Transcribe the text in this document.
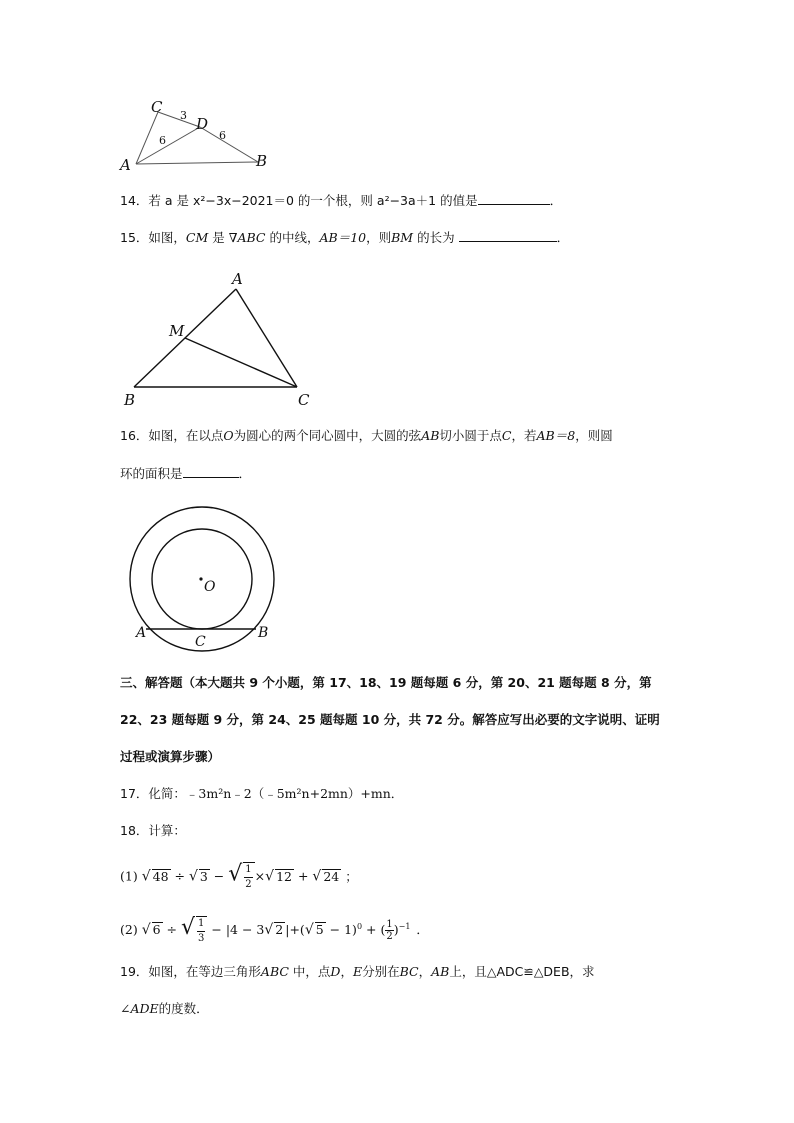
C
D
A	B
3
6	6
14．若 a 是 x²−3x−2021＝0 的一个根，则 a²−3a＋1 的值是	．
15．如图，CM 是 ∇ABC 的中线，AB＝10，则BM 的长为	．
A
M
B	C
16．如图，在以点O为圆心的两个同心圆中，大圆的弦AB切小圆于点C，若AB＝8，则圆
环的面积是	．
O
A	B
C
三、解答题（本大题共 9 个小题，第 17、18、19 题每题 6 分，第 20、21 题每题 8 分，第
22、23 题每题 9 分，第 24、25 题每题 10 分，共 72 分。解答应写出必要的文字说明、证明
过程或演算步骤）
17．化简：﹣3m²n﹣2（﹣5m²n+2mn）+mn．
18．计算：
(1) √ 48 ÷ √ 3 − √ $\frac{1}{2}$ ×√ 12 + √ 24 ；
(2) √ 6 ÷ √ $\frac{1}{3} - |4 - 3√$ 2 |+(√ 5 − 1)$^0$ + ( $\frac{1}{2} )^{-1}$ ．
19．如图，在等边三角形ABC 中，点D，E分别在BC，AB上，且△ADC≌△DEB，求
∠ADE的度数．
